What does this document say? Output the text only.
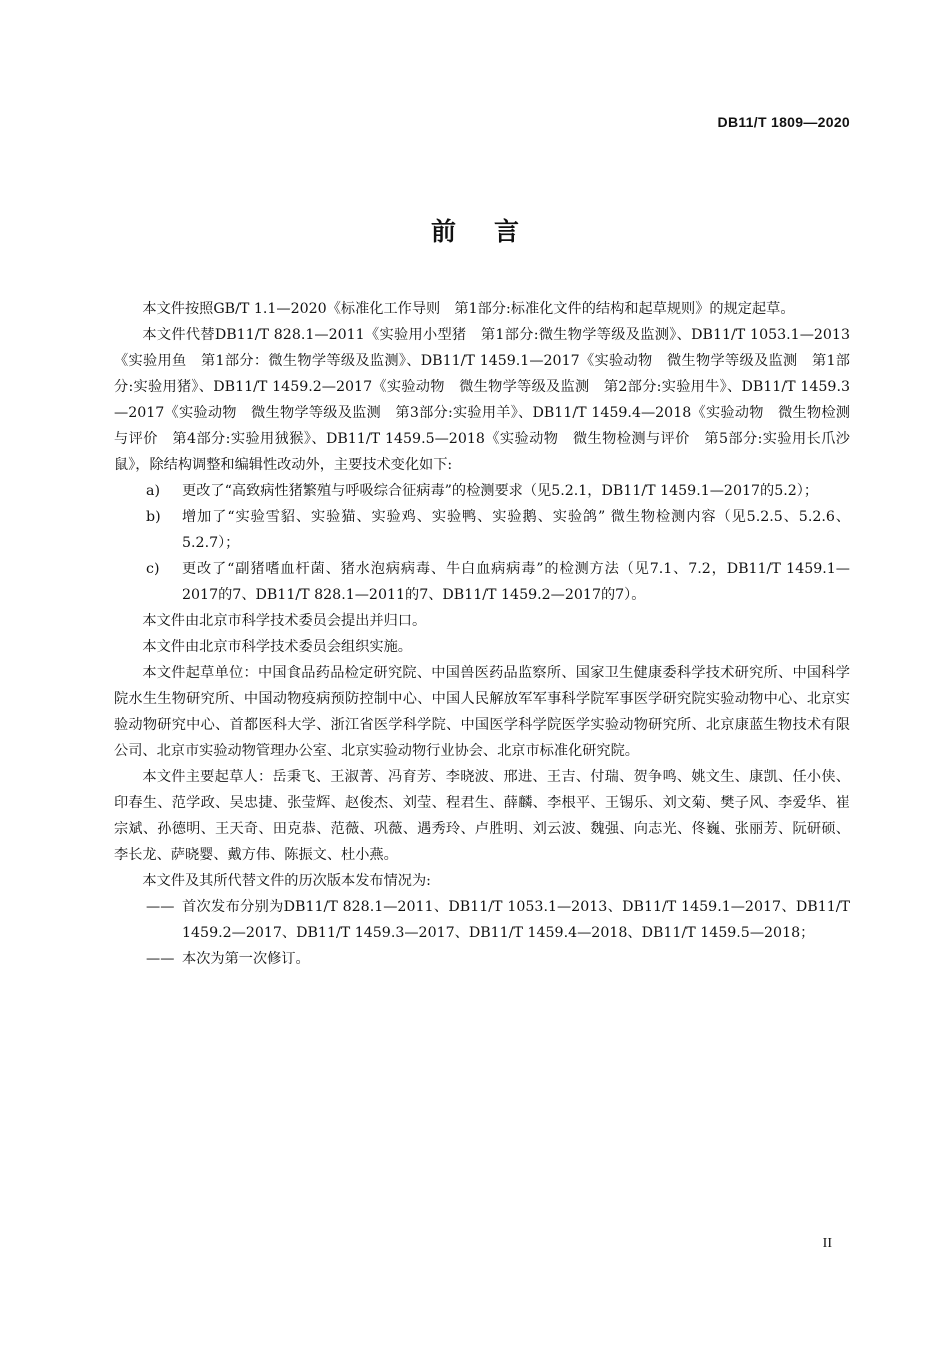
DB11/T 1809—2020
前言

本文件按照GB/T 1.1—2020《标准化工作导则　第1部分:标准化文件的结构和起草规则》的规定起草。

本文件代替DB11/T 828.1—2011《实验用小型猪　第1部分:微生物学等级及监测》、DB11/T 1053.1—2013《实验用鱼　第1部分：微生物学等级及监测》、DB11/T 1459.1—2017《实验动物　微生物学等级及监测　第1部分:实验用猪》、DB11/T 1459.2—2017《实验动物　微生物学等级及监测　第2部分:实验用牛》、DB11/T 1459.3—2017《实验动物　微生物学等级及监测　第3部分:实验用羊》、DB11/T 1459.4—2018《实验动物　微生物检测与评价　第4部分:实验用狨猴》、DB11/T 1459.5—2018《实验动物　微生物检测与评价　第5部分:实验用长爪沙鼠》，除结构调整和编辑性改动外，主要技术变化如下:

a)	更改了“高致病性猪繁殖与呼吸综合征病毒”的检测要求（见5.2.1，DB11/T 1459.1—2017的5.2）；
b)	增加了“实验雪貂、实验猫、实验鸡、实验鸭、实验鹅、实验鸽” 微生物检测内容（见5.2.5、5.2.6、5.2.7）；
c)	更改了“副猪嗜血杆菌、猪水泡病病毒、牛白血病病毒”的检测方法（见7.1、7.2，DB11/T 1459.1—2017的7、DB11/T 828.1—2011的7、DB11/T 1459.2—2017的7）。

本文件由北京市科学技术委员会提出并归口。

本文件由北京市科学技术委员会组织实施。

本文件起草单位：中国食品药品检定研究院、中国兽医药品监察所、国家卫生健康委科学技术研究所、中国科学院水生生物研究所、中国动物疫病预防控制中心、中国人民解放军军事科学院军事医学研究院实验动物中心、北京实验动物研究中心、首都医科大学、浙江省医学科学院、中国医学科学院医学实验动物研究所、北京康蓝生物技术有限公司、北京市实验动物管理办公室、北京实验动物行业协会、北京市标准化研究院。

本文件主要起草人：岳秉飞、王淑菁、冯育芳、李晓波、邢进、王吉、付瑞、贺争鸣、姚文生、康凯、任小侠、印春生、范学政、吴忠捷、张莹辉、赵俊杰、刘莹、程君生、薛麟、李根平、王锡乐、刘文菊、樊子风、李爱华、崔宗斌、孙德明、王天奇、田克恭、范薇、巩薇、遇秀玲、卢胜明、刘云波、魏强、向志光、佟巍、张丽芳、阮研硕、李长龙、萨晓婴、戴方伟、陈振文、杜小燕。

本文件及其所代替文件的历次版本发布情况为:

—— 首次发布分别为DB11/T 828.1—2011、DB11/T 1053.1—2013、DB11/T 1459.1—2017、DB11/T 1459.2—2017、DB11/T 1459.3—2017、DB11/T 1459.4—2018、DB11/T 1459.5—2018；
—— 本次为第一次修订。
II
